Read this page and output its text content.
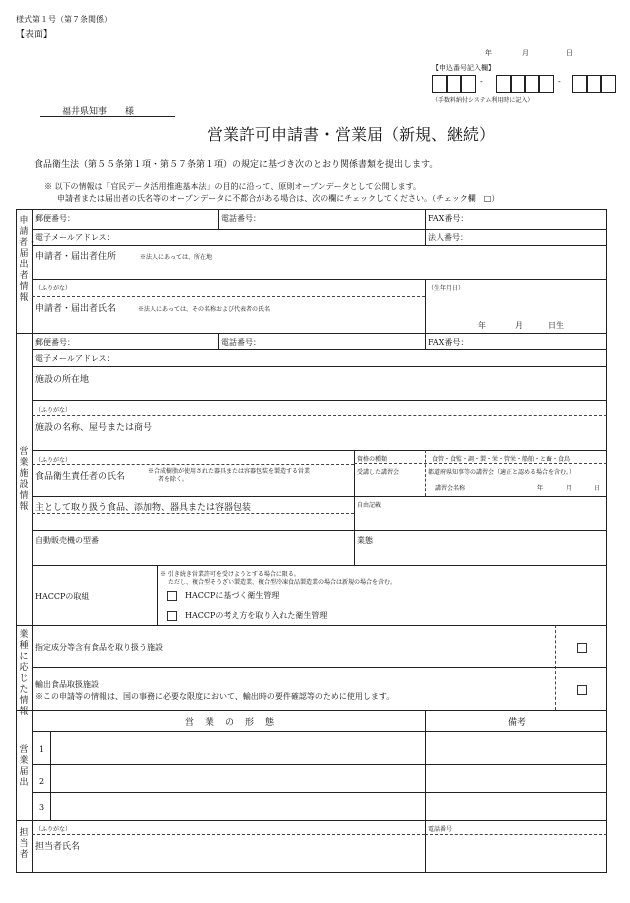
様式第１号（第７条関係）
【表面】
年	月	日
【申込番号記入欄】
-	-
（手数料納付システム利用時に記入）
福井県知事　　様
営業許可申請書・営業届（新規、継続）
食品衛生法（第５５条第１項・第５７条第１項）の規定に基づき次のとおり関係書類を提出します。
※ 以下の情報は「官民データ活用推進基本法」の目的に沿って、原則オープンデータとして公開します。
申請者または届出者の氏名等のオープンデータに不都合がある場合は、次の欄にチェックしてください。（チェック欄　□）
申請者・届出者情報
郵便番号：	電話番号：	FAX番号：
電子メールアドレス：	法人番号：
申請者・届出者住所	※法人にあっては、所在地
（ふりがな）	（生年月日）
申請者・届出者氏名	※法人にあっては、その名称および代表者の氏名
年	月	日生
営業施設情報
郵便番号：	電話番号：	FAX番号：
電子メールアドレス：
施設の所在地
（ふりがな）
施設の名称、屋号または商号
（ふりがな）
食品衛生責任者の氏名
※合成樹脂が使用された器具または容器包装を製造する営業
者を除く。
資格の種類	食管・食監・調・製・栄・管栄・船舶・と畜・食鳥
受講した講習会	都道府県知事等の講習会（適正と認める場合を含む。）
講習会名称	年	月	日
主として取り扱う食品、添加物、器具または容器包装	自由記載
自動販売機の型番	業態
HACCPの取組
※ 引き続き営業許可を受けようとする場合に限る。
ただし、複合型そうざい製造業、複合型冷凍食品製造業の場合は新規の場合を含む。
HACCPに基づく衛生管理
HACCPの考え方を取り入れた衛生管理
業種に応じた情報
指定成分等含有食品を取り扱う施設
輸出食品取扱施設
※この申請等の情報は、国の事務に必要な限度において、輸出時の要件確認等のために使用します。
営業届出
営　業　の　形　態	備考
1
2
3
担当者
（ふりがな）
担当者氏名
電話番号
